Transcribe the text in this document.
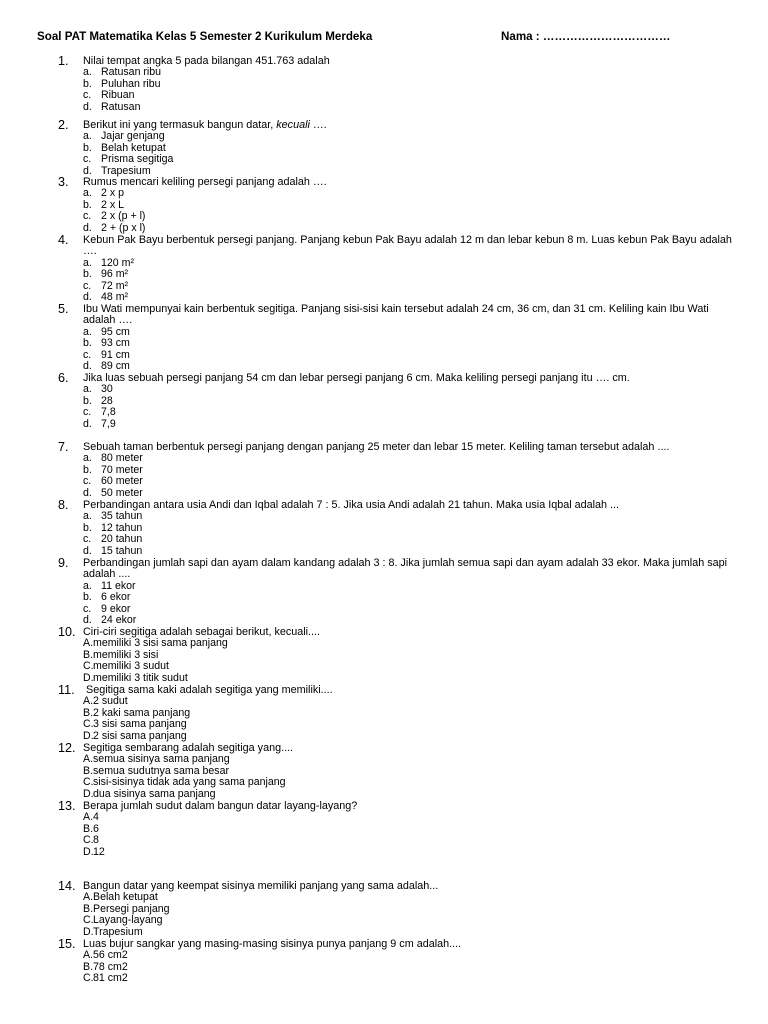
Soal PAT Matematika Kelas 5 Semester 2 Kurikulum Merdeka	Nama : ……………………………
1.	Nilai tempat angka 5 pada bilangan 451.763 adalah
a. Ratusan ribu
b. Puluhan ribu
c. Ribuan
d. Ratusan
2.	Berikut ini yang termasuk bangun datar, kecuali ….
a. Jajar genjang
b. Belah ketupat
c. Prisma segitiga
d. Trapesium
3.	Rumus mencari keliling persegi panjang adalah ….
a. 2 x p
b. 2 x L
c. 2 x (p + l)
d. 2 + (p x l)
4.	Kebun Pak Bayu berbentuk persegi panjang. Panjang kebun Pak Bayu adalah 12 m dan lebar kebun 8 m. Luas kebun Pak Bayu adalah ….
a. 120 m²
b. 96 m²
c. 72 m²
d. 48 m²
5.	Ibu Wati mempunyai kain berbentuk segitiga. Panjang sisi-sisi kain tersebut adalah 24 cm, 36 cm, dan 31 cm. Keliling kain Ibu Wati adalah ….
a. 95 cm
b. 93 cm
c. 91 cm
d. 89 cm
6.	Jika luas sebuah persegi panjang 54 cm dan lebar persegi panjang 6 cm. Maka keliling persegi panjang itu …. cm.
a. 30
b. 28
c. 7,8
d. 7,9
7.	Sebuah taman berbentuk persegi panjang dengan panjang 25 meter dan lebar 15 meter. Keliling taman tersebut adalah ....
a. 80 meter
b. 70 meter
c. 60 meter
d. 50 meter
8.	Perbandingan antara usia Andi dan Iqbal adalah 7 : 5. Jika usia Andi adalah 21 tahun. Maka usia Iqbal adalah ...
a. 35 tahun
b. 12 tahun
c. 20 tahun
d. 15 tahun
9.	Perbandingan jumlah sapi dan ayam dalam kandang adalah 3 : 8. Jika jumlah semua sapi dan ayam adalah 33 ekor. Maka jumlah sapi adalah ....
a. 11 ekor
b. 6 ekor
c. 9 ekor
d. 24 ekor
10. Ciri-ciri segitiga adalah sebagai berikut, kecuali....
A. memiliki 3 sisi sama panjang
B. memiliki 3 sisi
C. memiliki 3 sudut
D. memiliki 3 titik sudut
11. Segitiga sama kaki adalah segitiga yang memiliki....
A. 2 sudut
B. 2 kaki sama panjang
C. 3 sisi sama panjang
D. 2 sisi sama panjang
12. Segitiga sembarang adalah segitiga yang....
A. semua sisinya sama panjang
B. semua sudutnya sama besar
C. sisi-sisinya tidak ada yang sama panjang
D. dua sisinya sama panjang
13. Berapa jumlah sudut dalam bangun datar layang-layang?
A. 4
B. 6
C. 8
D. 12
14. Bangun datar yang keempat sisinya memiliki panjang yang sama adalah...
A. Belah ketupat
B. Persegi panjang
C. Layang-layang
D. Trapesium
15. Luas bujur sangkar yang masing-masing sisinya punya panjang 9 cm adalah....
A. 56 cm2
B. 78 cm2
C. 81 cm2
